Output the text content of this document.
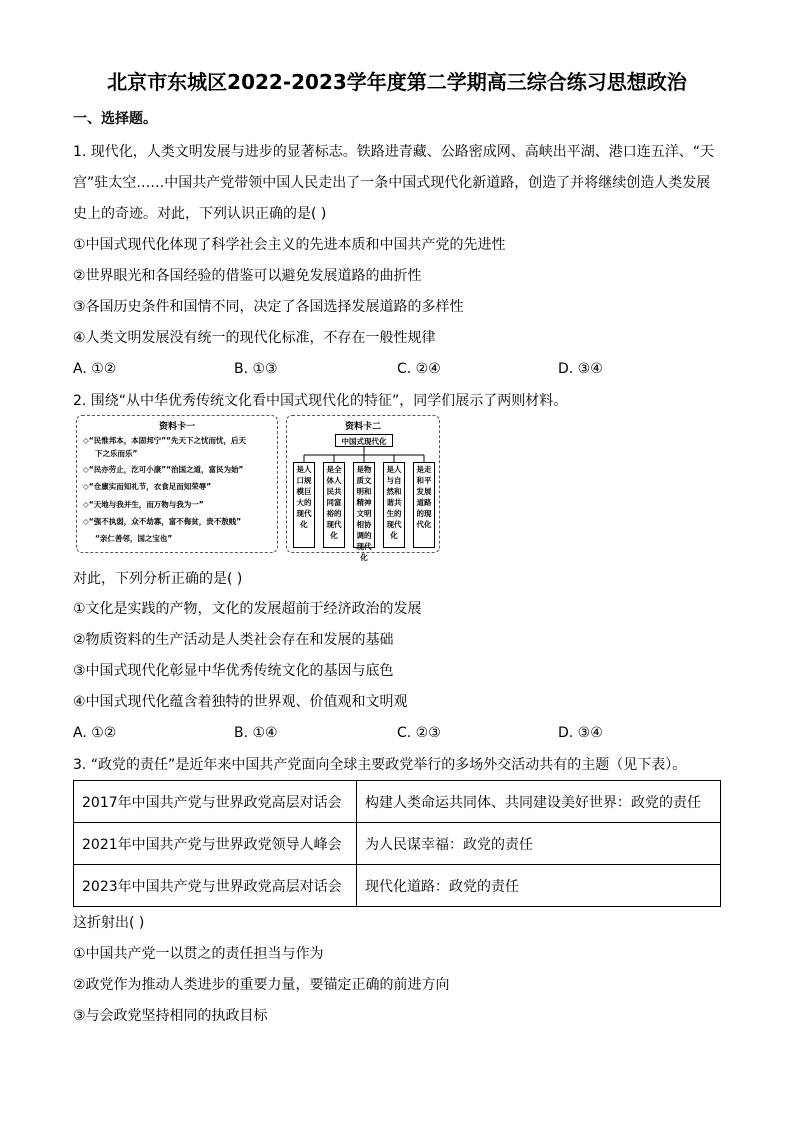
北京市东城区2022-2023学年度第二学期高三综合练习思想政治
一、选择题。
1. 现代化，人类文明发展与进步的显著标志。铁路进青藏、公路密成网、高峡出平湖、港口连五洋、“天
宫”驻太空……中国共产党带领中国人民走出了一条中国式现代化新道路，创造了并将继续创造人类发展
史上的奇迹。对此，下列认识正确的是( )
①中国式现代化体现了科学社会主义的先进本质和中国共产党的先进性
②世界眼光和各国经验的借鉴可以避免发展道路的曲折性
③各国历史条件和国情不同，决定了各国选择发展道路的多样性
④人类文明发展没有统一的现代化标准，不存在一般性规律
A. ①②	B. ①③	C. ②④	D. ③④
2. 围绕“从中华优秀传统文化看中国式现代化的特征”，同学们展示了两则材料。
资料卡一
◇“民惟邦本，本固邦宁”“先天下之忧而忧，后天
下之乐而乐”
◇“民亦劳止，汔可小康”“治国之道，富民为始”
◇“仓廪实而知礼节，衣食足而知荣辱”
◇“天地与我并生，而万物与我为一”
◇“强不执弱，众不劫寡，富不侮贫，贵不敖贱”
“亲仁善邻，国之宝也”
资料卡二
中国式现代化
是人口规模巨大的现代化
是全体人民共同富裕的现代化
是物质文明和精神文明相协调的现代化
是人与自然和谐共生的现代化
是走和平发展道路的现代化
对此，下列分析正确的是( )
①文化是实践的产物，文化的发展超前于经济政治的发展
②物质资料的生产活动是人类社会存在和发展的基础
③中国式现代化彰显中华优秀传统文化的基因与底色
④中国式现代化蕴含着独特的世界观、价值观和文明观
A. ①②	B. ①④	C. ②③	D. ③④
3. “政党的责任”是近年来中国共产党面向全球主要政党举行的多场外交活动共有的主题（见下表）。
2017年中国共产党与世界政党高层对话会	构建人类命运共同体、共同建设美好世界：政党的责任
2021年中国共产党与世界政党领导人峰会	为人民谋幸福：政党的责任
2023年中国共产党与世界政党高层对话会	现代化道路：政党的责任
这折射出( )
①中国共产党一以贯之的责任担当与作为
②政党作为推动人类进步的重要力量，要锚定正确的前进方向
③与会政党坚持相同的执政目标
